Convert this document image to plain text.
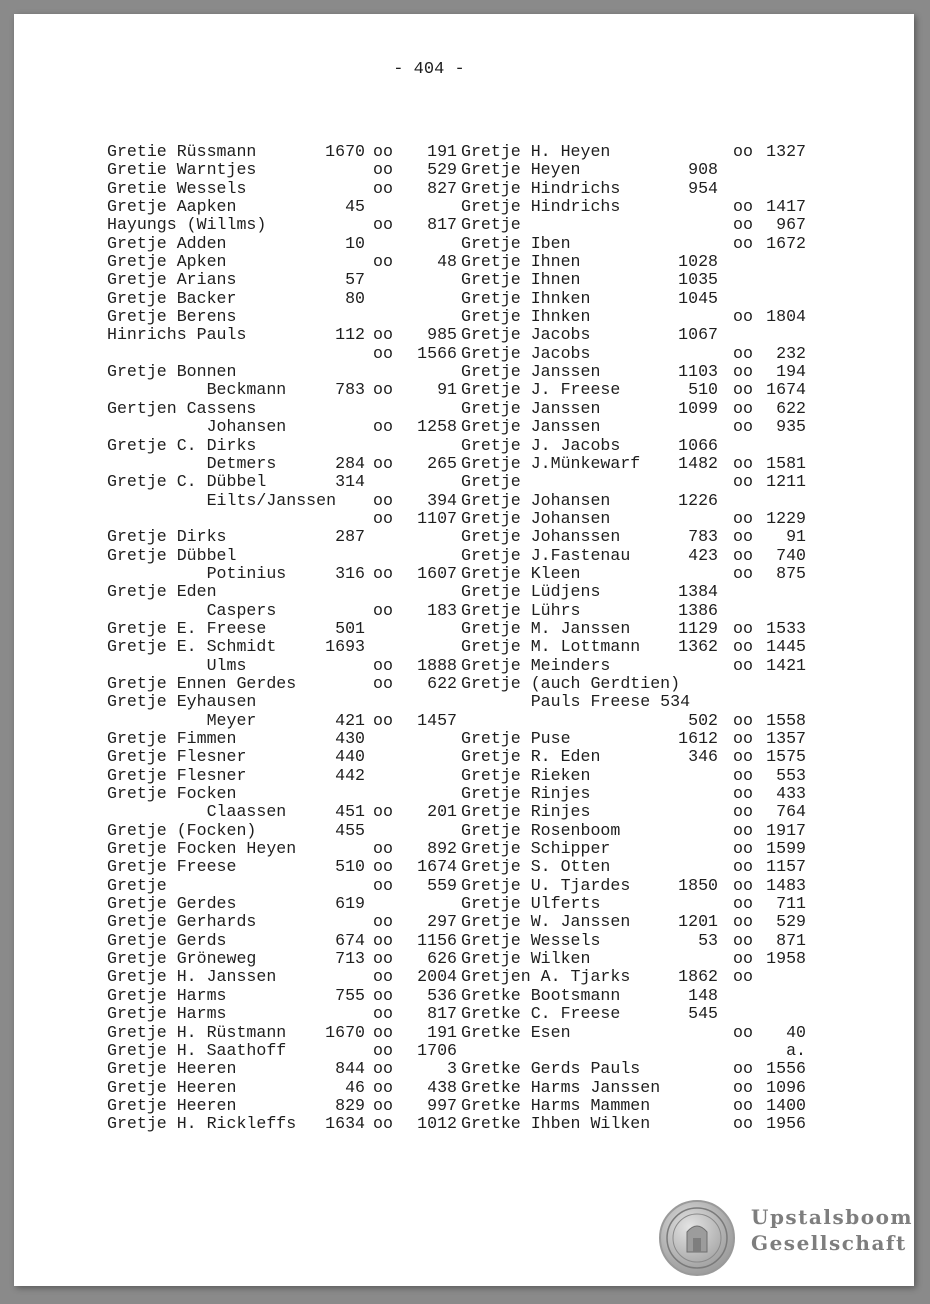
- 404 -
Gretie Rüssmann	1670 oo 191
Gretie Warntjes	oo 529
Gretie Wessels	oo 827
Gretje Aapken	45
Hayungs (Willms)	oo 817
Gretje Adden	10
Gretje Apken	oo	48
Gretje Arians	57
Gretje Backer	80
Gretje Berens
Hinrichs Pauls	112 oo 985
oo 1566
Gretje Bonnen
Beckmann	783 oo	91
Gertjen Cassens
Johansen	oo 1258
Gretje C. Dirks
Detmers	284 oo 265
Gretje C. Dübbel	314
Eilts/Janssen oo 394
oo 1107
Gretje Dirks	287
Gretje Dübbel
Potinius	316 oo 1607
Gretje Eden
Caspers	oo 183
Gretje E. Freese	501
Gretje E. Schmidt	1693
Ulms	oo 1888
Gretje Ennen Gerdes	oo 622
Gretje Eyhausen
Meyer	421 oo 1457
Gretje Fimmen	430
Gretje Flesner	440
Gretje Flesner	442
Gretje Focken
Claassen	451 oo 201
Gretje (Focken)	455
Gretje Focken Heyen	oo 892
Gretje Freese	510 oo 1674
Gretje	oo 559
Gretje Gerdes	619
Gretje Gerhards	oo 297
Gretje Gerds	674 oo 1156
Gretje Gröneweg	713 oo 626
Gretje H. Janssen	oo 2004
Gretje Harms	755 oo 536
Gretje Harms	oo 817
Gretje H. Rüstmann 1670 oo 191
Gretje H. Saathoff	oo 1706
Gretje Heeren	844 oo	3
Gretje Heeren	46 oo 438
Gretje Heeren	829 oo 997
Gretje H. Rickleffs 1634 oo 1012
Gretje H. Heyen	oo 1327
Gretje Heyen	908
Gretje Hindrichs	954
Gretje Hindrichs	oo 1417
Gretje	oo 967
Gretje Iben	oo 1672
Gretje Ihnen	1028
Gretje Ihnen	1035
Gretje Ihnken	1045
Gretje Ihnken	oo 1804
Gretje Jacobs	1067
Gretje Jacobs	oo 232
Gretje Janssen	1103 oo 194
Gretje J. Freese	510 oo 1674
Gretje Janssen	1099 oo 622
Gretje Janssen	oo 935
Gretje J. Jacobs	1066
Gretje J.Münkewarf 1482 oo 1581
Gretje	oo 1211
Gretje Johansen	1226
Gretje Johansen	oo 1229
Gretje Johanssen	783 oo 91
Gretje J.Fastenau	423 oo 740
Gretje Kleen	oo 875
Gretje Lüdjens	1384
Gretje Lührs	1386
Gretje M. Janssen	1129 oo 1533
Gretje M. Lottmann 1362 oo 1445
Gretje Meinders	oo 1421
Gretje (auch Gerdtien)
Pauls Freese 534
502 oo 1558
Gretje Puse	1612 oo 1357
Gretje R. Eden	346 oo 1575
Gretje Rieken	oo 553
Gretje Rinjes	oo 433
Gretje Rinjes	oo 764
Gretje Rosenboom	oo 1917
Gretje Schipper	oo 1599
Gretje S. Otten	oo 1157
Gretje U. Tjardes	1850 oo 1483
Gretje Ulferts	oo 711
Gretje W. Janssen	1201 oo 529
Gretje Wessels	53 oo 871
Gretje Wilken	oo 1958
Gretjen A. Tjarks	1862 oo
Gretke Bootsmann	148
Gretke C. Freese	545
Gretke Esen	oo 40
a.
Gretke Gerds Pauls	oo 1556
Gretke Harms Janssen	oo 1096
Gretke Harms Mammen	oo 1400
Gretke Ihben Wilken	oo 1956
Upstalsboom
Gesellschaft
